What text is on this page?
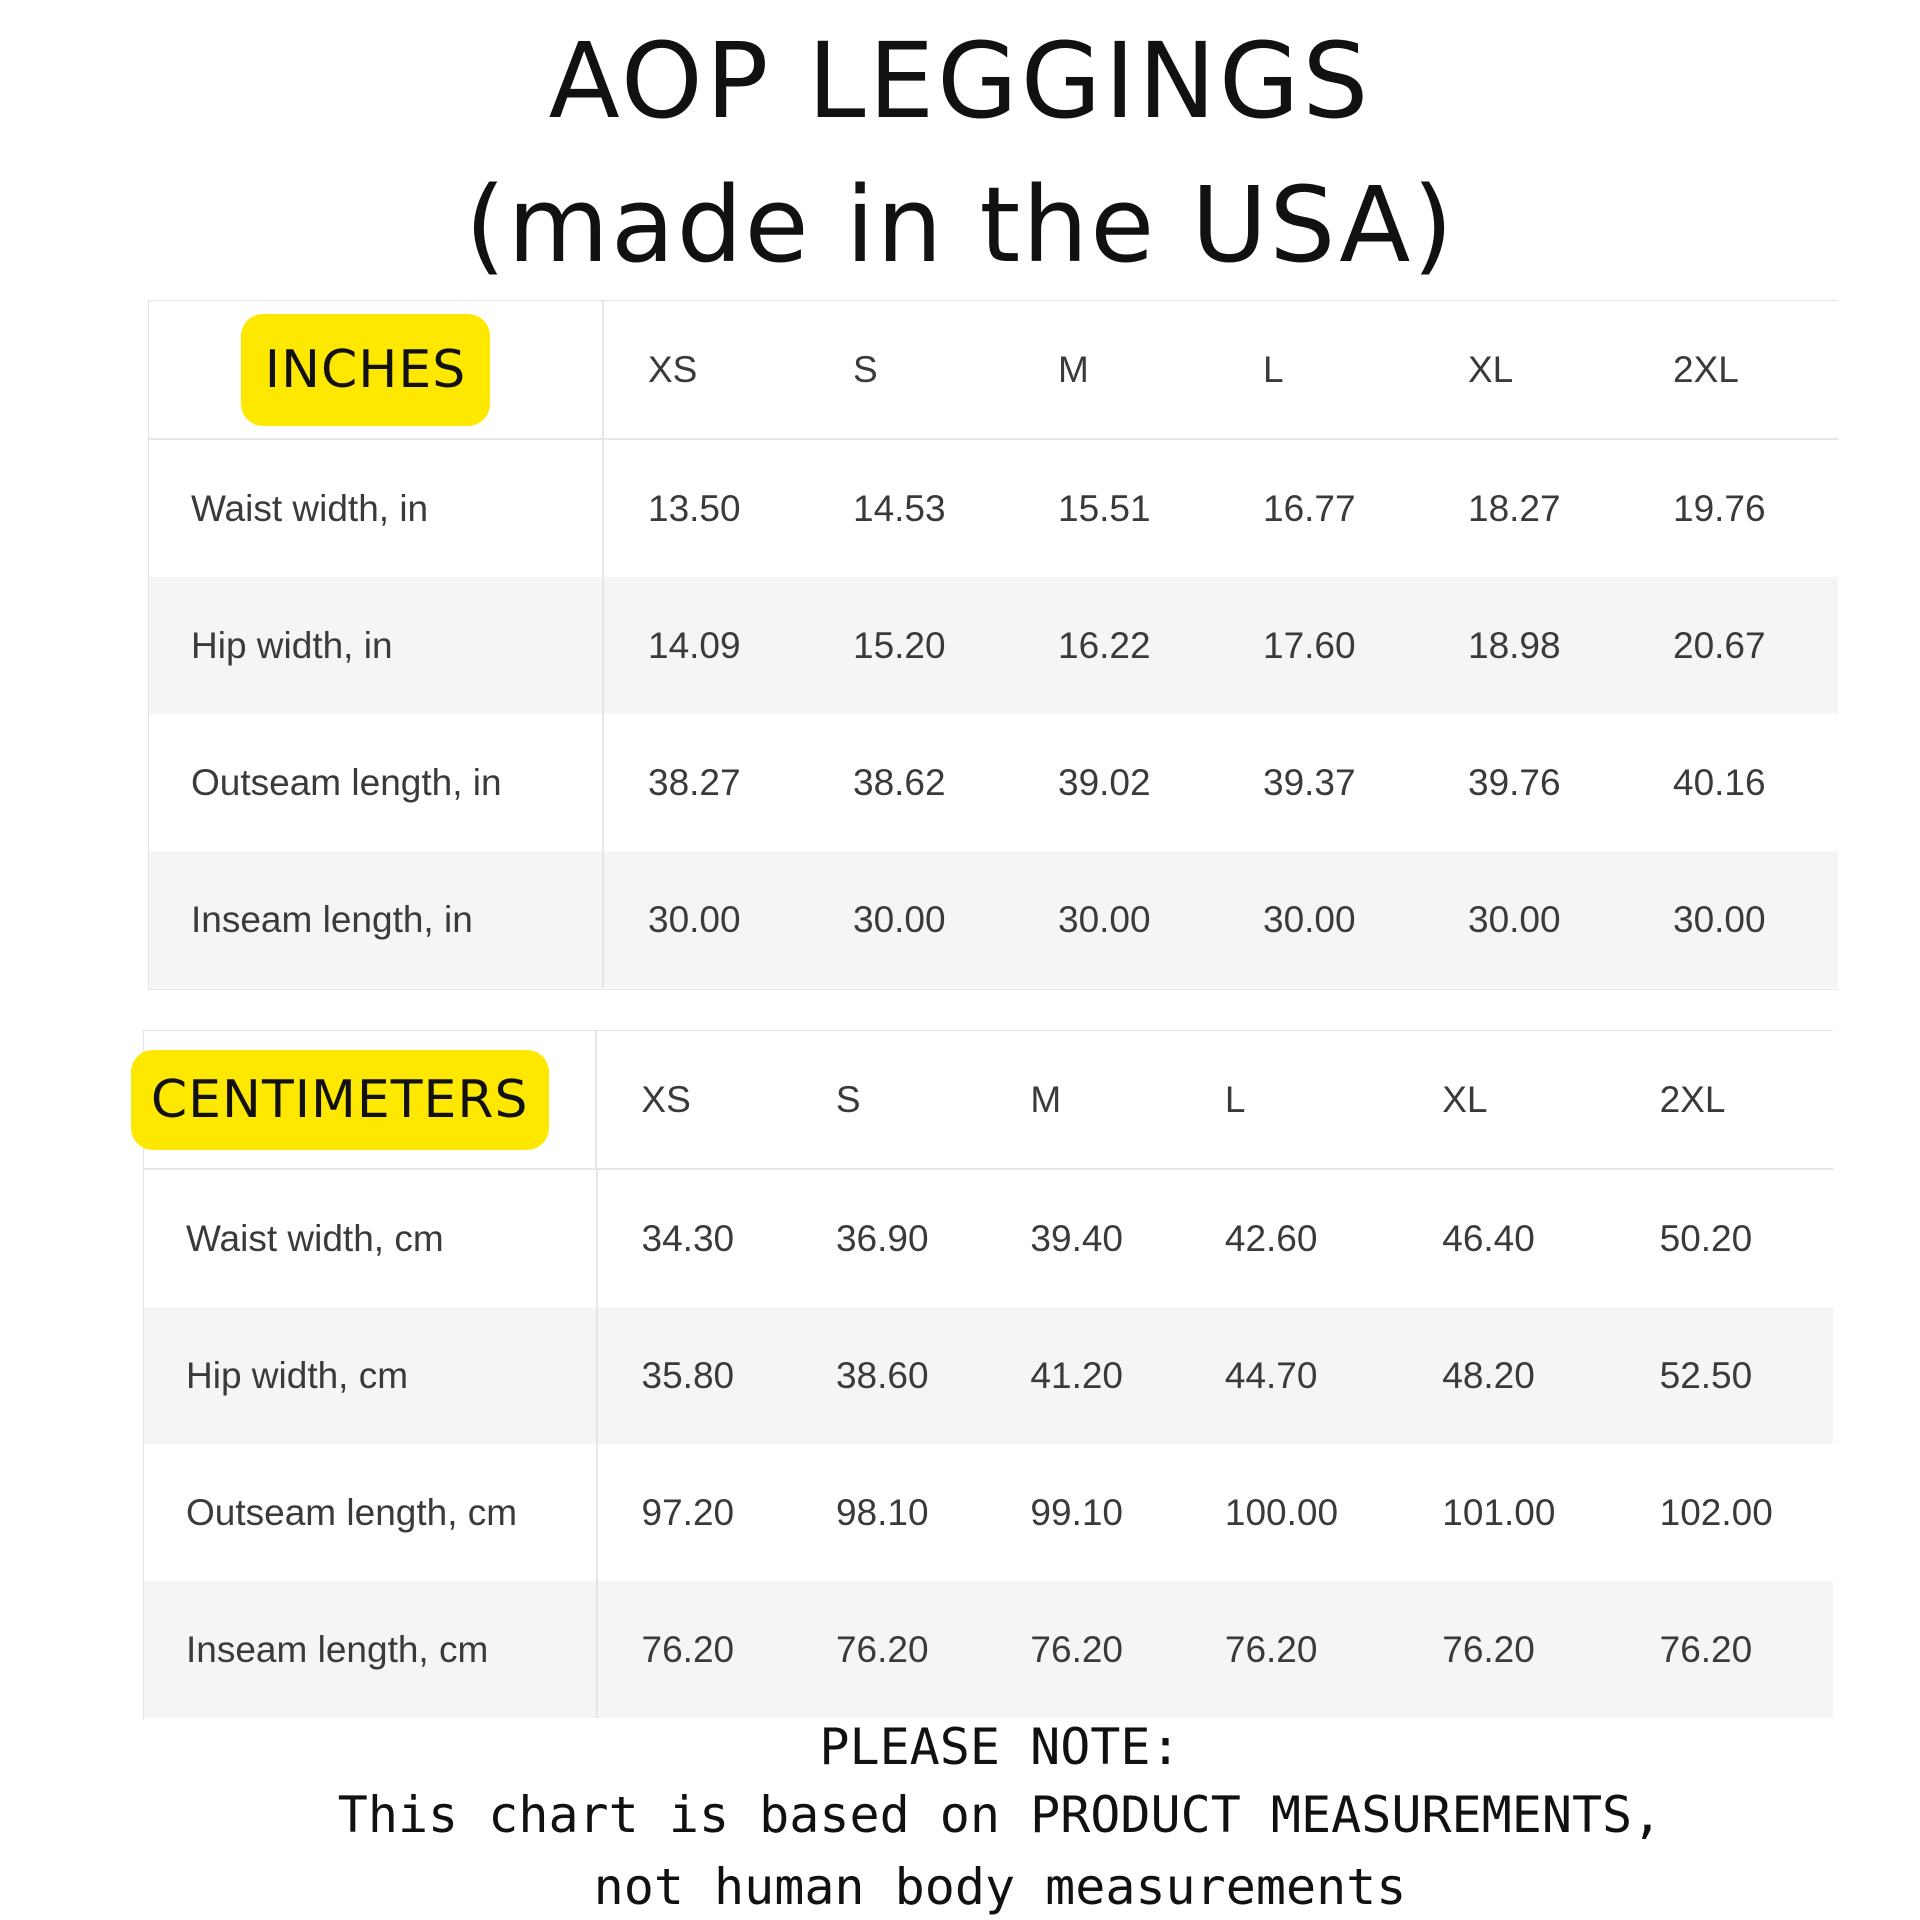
AOP LEGGINGS
(made in the USA)
INCHES	XS	S	M	L	XL	2XL
Waist width, in	13.50	14.53	15.51	16.77	18.27	19.76
Hip width, in	14.09	15.20	16.22	17.60	18.98	20.67
Outseam length, in	38.27	38.62	39.02	39.37	39.76	40.16
Inseam length, in	30.00	30.00	30.00	30.00	30.00	30.00
CENTIMETERS	XS	S	M	L	XL	2XL
Waist width, cm	34.30	36.90	39.40	42.60	46.40	50.20
Hip width, cm	35.80	38.60	41.20	44.70	48.20	52.50
Outseam length, cm	97.20	98.10	99.10	100.00	101.00	102.00
Inseam length, cm	76.20	76.20	76.20	76.20	76.20	76.20

PLEASE NOTE:

This chart is based on PRODUCT MEASUREMENTS,

not human body measurements
